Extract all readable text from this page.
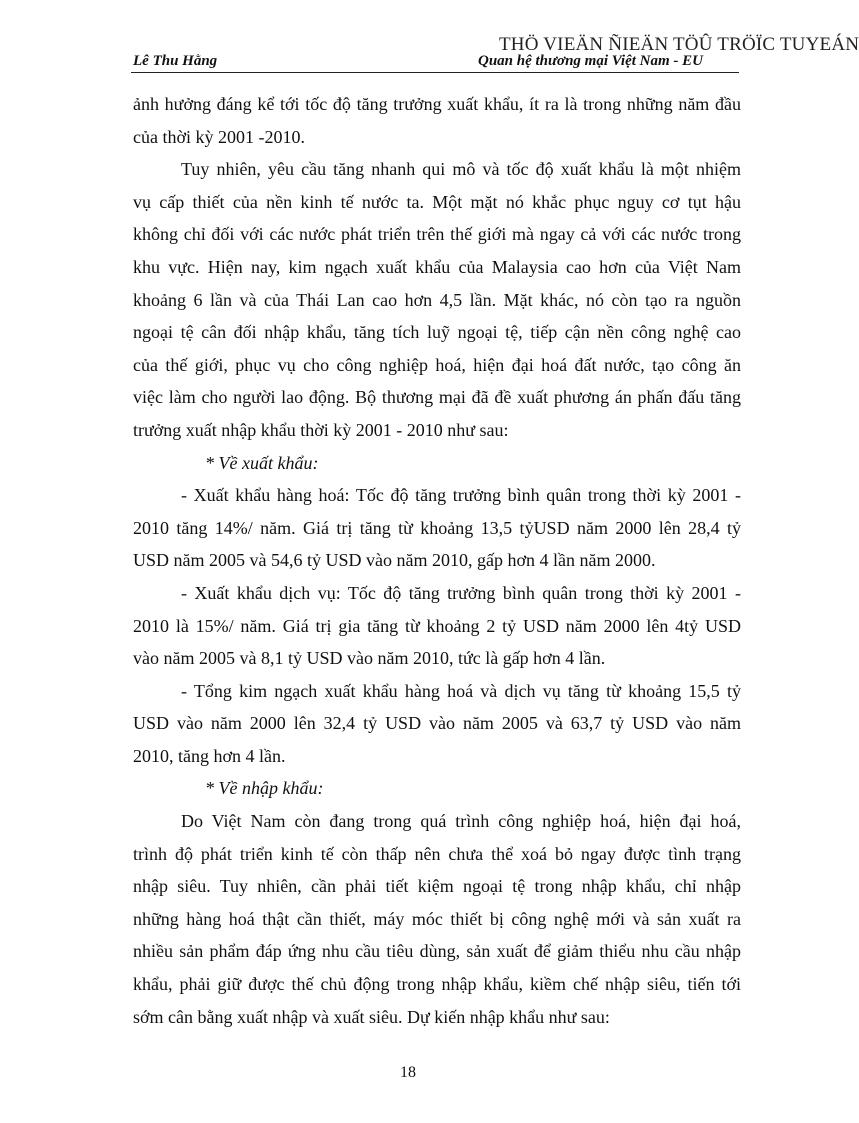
THÖ VIEÄN ÑIEÄN TÖÛ TRÖÏC TUYEÁN
Lê Thu Hằng	Quan hệ thương mại Việt Nam - EU
ảnh hưởng đáng kể tới tốc độ tăng trưởng xuất khẩu, ít ra là trong những năm đầu
của thời kỳ 2001 -2010.
Tuy nhiên, yêu cầu tăng nhanh qui mô và tốc độ xuất khẩu là một nhiệm
vụ cấp thiết của nền kinh tế nước ta. Một mặt nó khắc phục nguy cơ tụt hậu
không chỉ đối với các nước phát triển trên thế giới mà ngay cả với các nước trong
khu vực. Hiện nay, kim ngạch xuất khẩu của Malaysia cao hơn của Việt Nam
khoảng 6 lần và của Thái Lan cao hơn 4,5 lần. Mặt khác, nó còn tạo ra nguồn
ngoại tệ cân đối nhập khẩu, tăng tích luỹ ngoại tệ, tiếp cận nền công nghệ cao
của thế giới, phục vụ cho công nghiệp hoá, hiện đại hoá đất nước, tạo công ăn
việc làm cho người lao động. Bộ thương mại đã đề xuất phương án phấn đấu tăng
trưởng xuất nhập khẩu thời kỳ 2001 - 2010 như sau:
* Về xuất khẩu:
- Xuất khẩu hàng hoá: Tốc độ tăng trưởng bình quân trong thời kỳ 2001 -
2010 tăng 14%/ năm. Giá trị tăng từ khoảng 13,5 tỷUSD năm 2000 lên 28,4 tỷ
USD năm 2005 và 54,6 tỷ USD vào năm 2010, gấp hơn 4 lần năm 2000.
- Xuất khẩu dịch vụ: Tốc độ tăng trưởng bình quân trong thời kỳ 2001 -
2010 là 15%/ năm. Giá trị gia tăng từ khoảng 2 tỷ USD năm 2000 lên 4tỷ USD
vào năm 2005 và 8,1 tỷ USD vào năm 2010, tức là gấp hơn 4 lần.
- Tổng kim ngạch xuất khẩu hàng hoá và dịch vụ tăng từ khoảng 15,5 tỷ
USD vào năm 2000 lên 32,4 tỷ USD vào năm 2005 và 63,7 tỷ USD vào năm
2010, tăng hơn 4 lần.
* Về nhập khẩu:
Do Việt Nam còn đang trong quá trình công nghiệp hoá, hiện đại hoá,
trình độ phát triển kinh tế còn thấp nên chưa thể xoá bỏ ngay được tình trạng
nhập siêu. Tuy nhiên, cần phải tiết kiệm ngoại tệ trong nhập khẩu, chỉ nhập
những hàng hoá thật cần thiết, máy móc thiết bị công nghệ mới và sản xuất ra
nhiều sản phẩm đáp ứng nhu cầu tiêu dùng, sản xuất để giảm thiểu nhu cầu nhập
khẩu, phải giữ được thế chủ động trong nhập khẩu, kiềm chế nhập siêu, tiến tới
sớm cân bằng xuất nhập và xuất siêu. Dự kiến nhập khẩu như sau:
18
